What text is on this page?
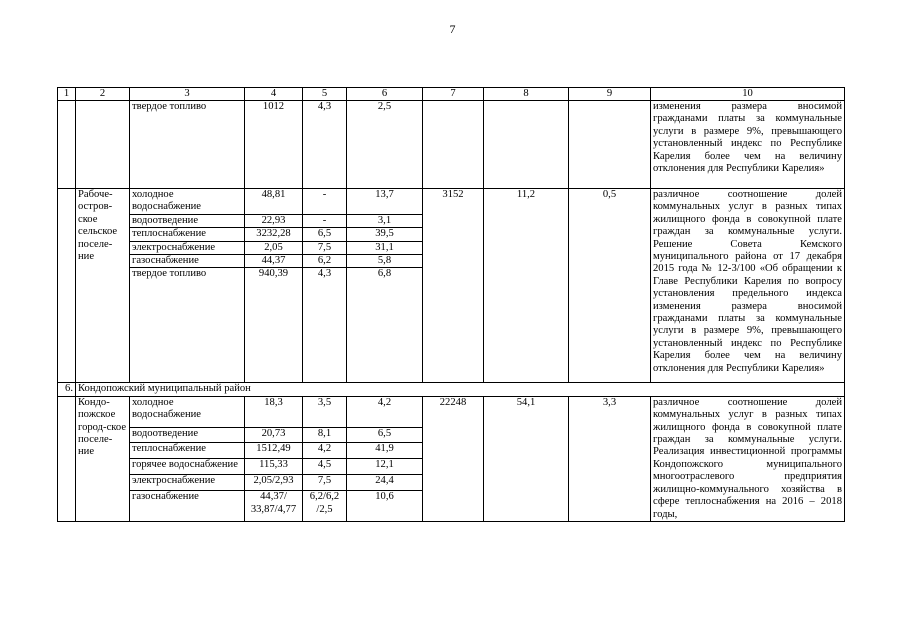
7
1	2	3	4	5	6	7	8	9	10
		твердое топливо	1012	4,3	2,5				изменения размера вносимой гражданами платы за коммунальные услуги в размере 9%, превышающего установленный индекс по Республике Карелия более чем на величину отклонения для Республики Карелия»
	Рабоче-остров-ское сельское поселе-ние	холодное водоснабжение	48,81	-	13,7	3152	11,2	0,5	различное соотношение долей коммунальных услуг в разных типах жилищного фонда в совокупной плате граждан за коммунальные услуги. Решение Совета Кемского муниципального района от 17 декабря 2015 года № 12-3/100 «Об обращении к Главе Республики Карелия по вопросу установления предельного индекса изменения размера вносимой гражданами платы за коммунальные услуги в размере 9%, превышающего установленный индекс по Республике Карелия более чем на величину отклонения для Республики Карелия»
		водоотведение	22,93	-	3,1				
		теплоснабжение	3232,28	6,5	39,5				
		электроснабжение	2,05	7,5	31,1				
		газоснабжение	44,37	6,2	5,8				
		твердое топливо	940,39	4,3	6,8				
6.	Кондопожский муниципальный район								
	Кондо-пожское город-ское поселе-ние	холодное водоснабжение	18,3	3,5	4,2	22248	54,1	3,3	различное соотношение долей коммунальных услуг в разных типах жилищного фонда в совокупной плате граждан за коммунальные услуги. Реализация инвестиционной программы Кондопожского муниципального многоотраслевого предприятия жилищно-коммунального хозяйства в сфере теплоснабжения на 2016 – 2018 годы,
		водоотведение	20,73	8,1	6,5				
		теплоснабжение	1512,49	4,2	41,9				
		горячее водоснабжение	115,33	4,5	12,1				
		электроснабжение	2,05/2,93	7,5	24,4				
		газоснабжение	44,37/ 33,87/4,77	6,2/6,2 /2,5	10,6				
